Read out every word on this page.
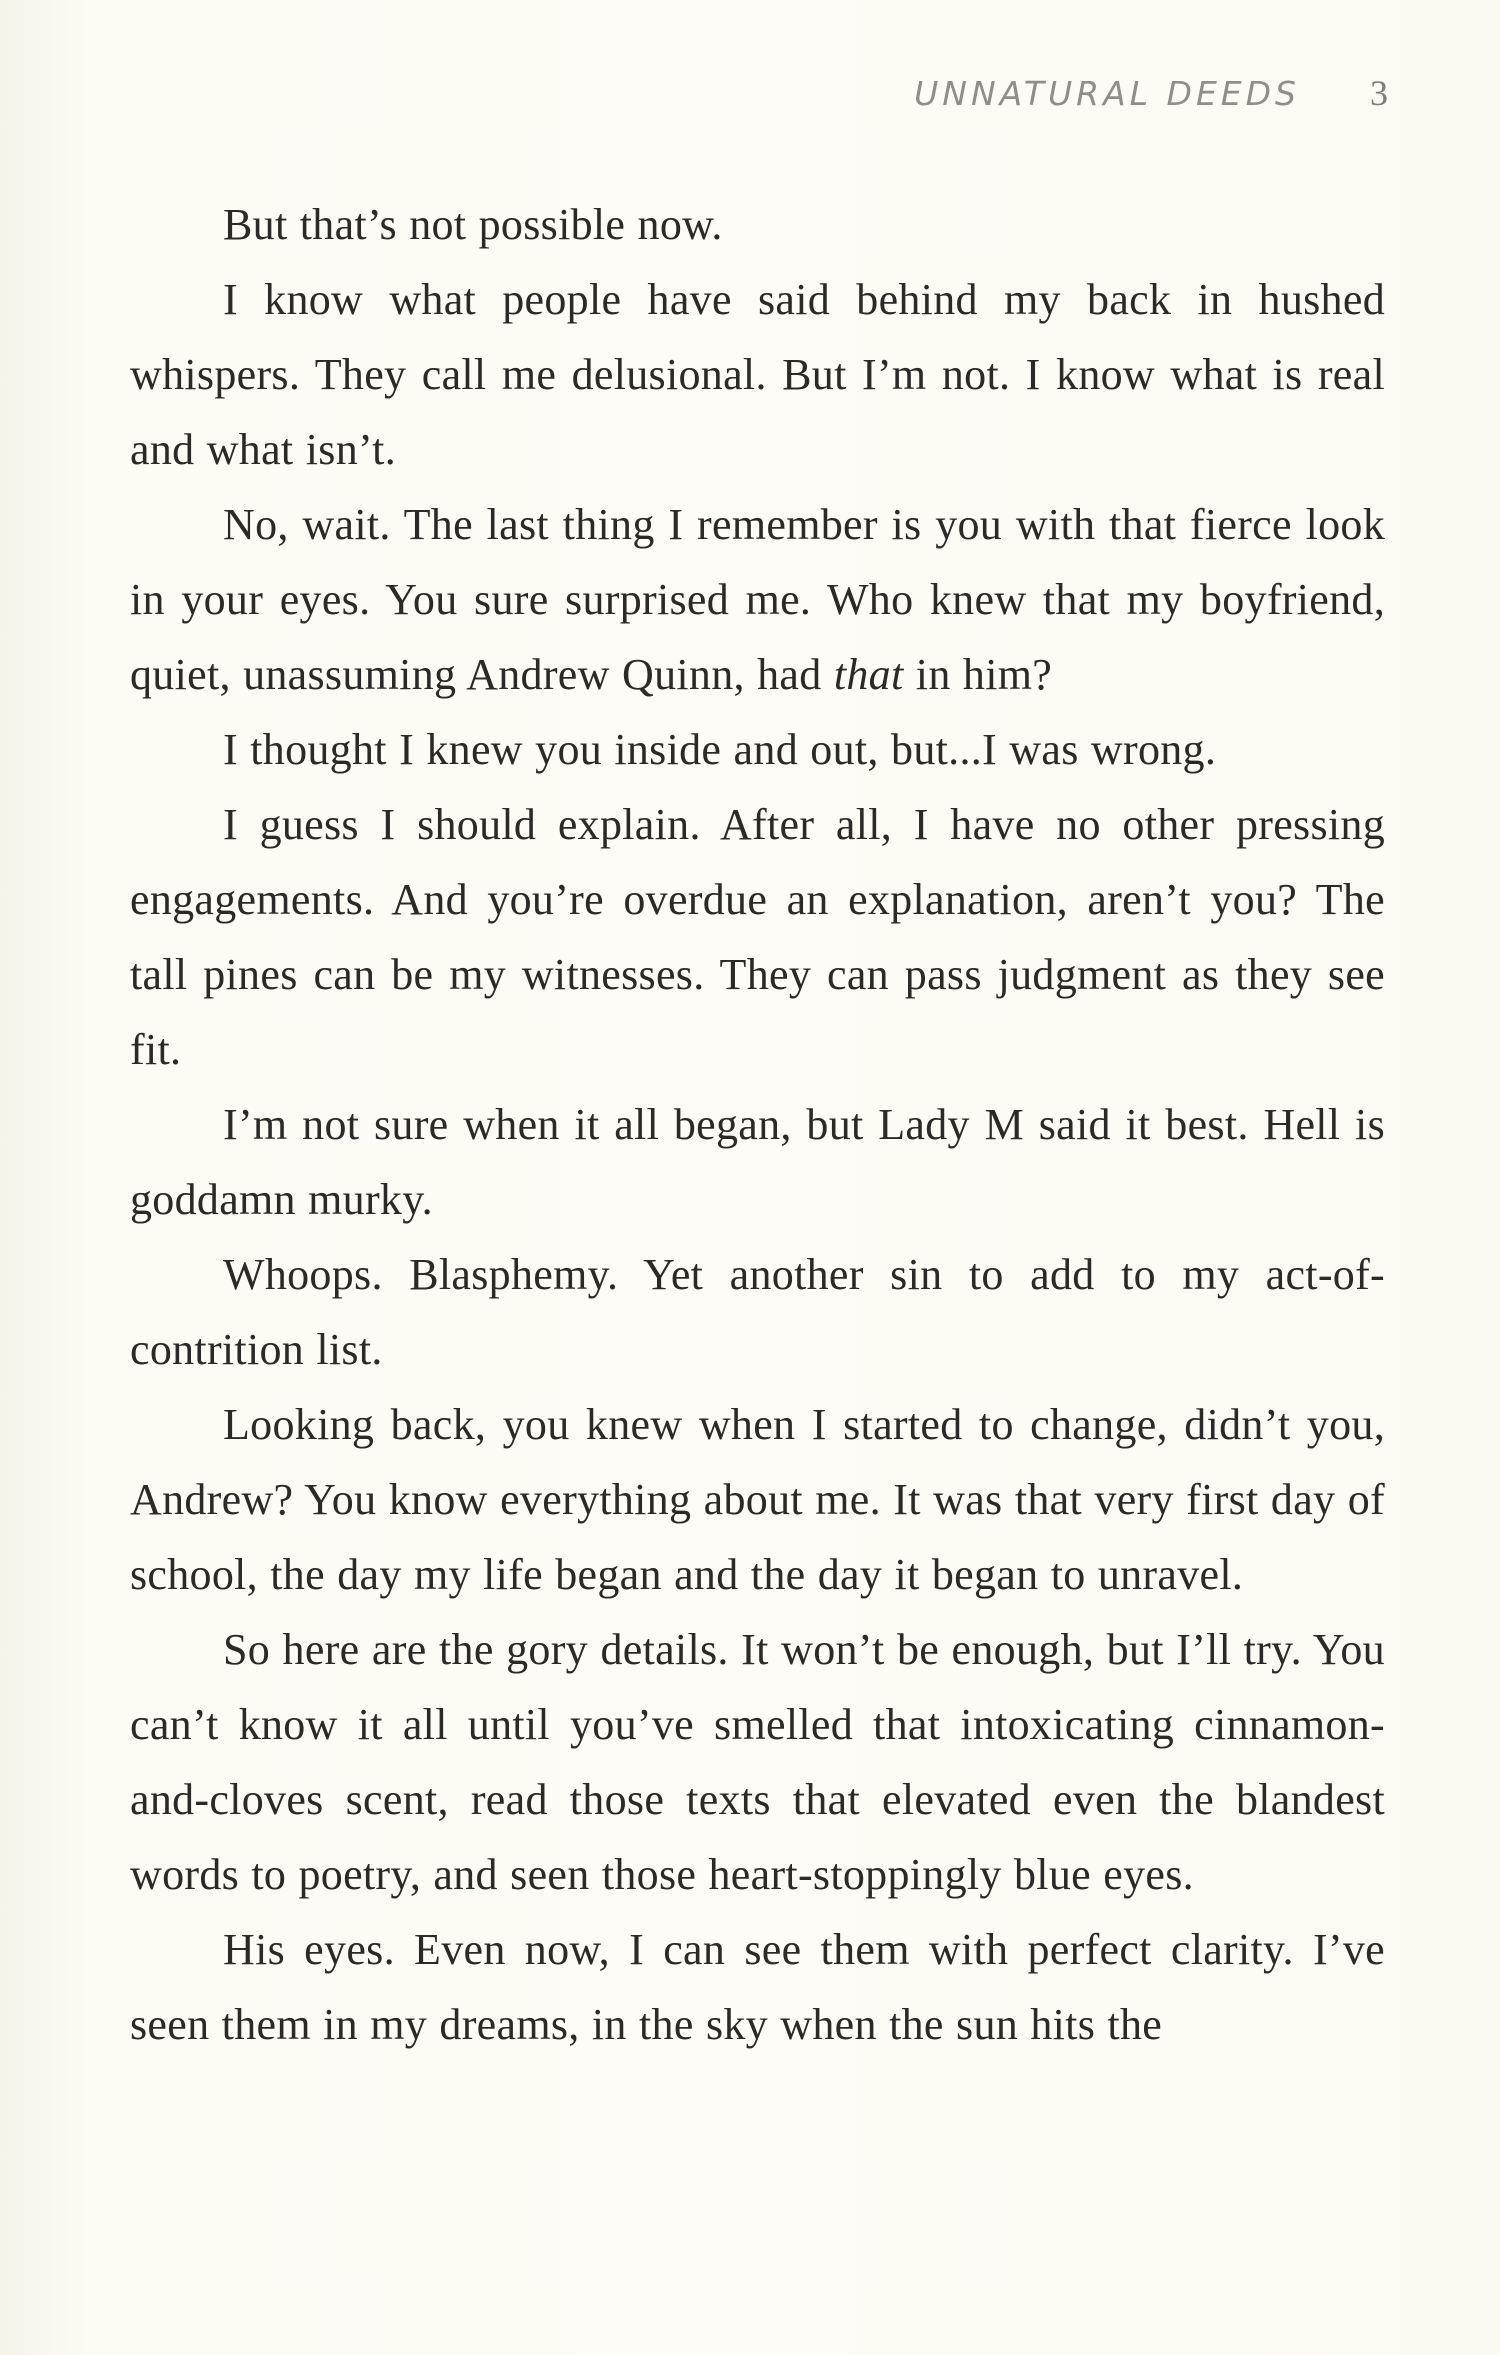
UNNATURAL DEEDS 3

But that’s not possible now.

I know what people have said behind my back in hushed whispers. They call me delusional. But I’m not. I know what is real and what isn’t.

No, wait. The last thing I remember is you with that fierce look in your eyes. You sure surprised me. Who knew that my boyfriend, quiet, unassuming Andrew Quinn, had that in him?

I thought I knew you inside and out, but...I was wrong.

I guess I should explain. After all, I have no other pressing engagements. And you’re overdue an explanation, aren’t you? The tall pines can be my witnesses. They can pass judgment as they see fit.

I’m not sure when it all began, but Lady M said it best. Hell is goddamn murky.

Whoops. Blasphemy. Yet another sin to add to my act-of-contrition list.

Looking back, you knew when I started to change, didn’t you, Andrew? You know everything about me. It was that very first day of school, the day my life began and the day it began to unravel.

So here are the gory details. It won’t be enough, but I’ll try. You can’t know it all until you’ve smelled that intoxicating cinnamon-and-cloves scent, read those texts that elevated even the blandest words to poetry, and seen those heart-stoppingly blue eyes.

His eyes. Even now, I can see them with perfect clarity. I’ve seen them in my dreams, in the sky when the sun hits the
